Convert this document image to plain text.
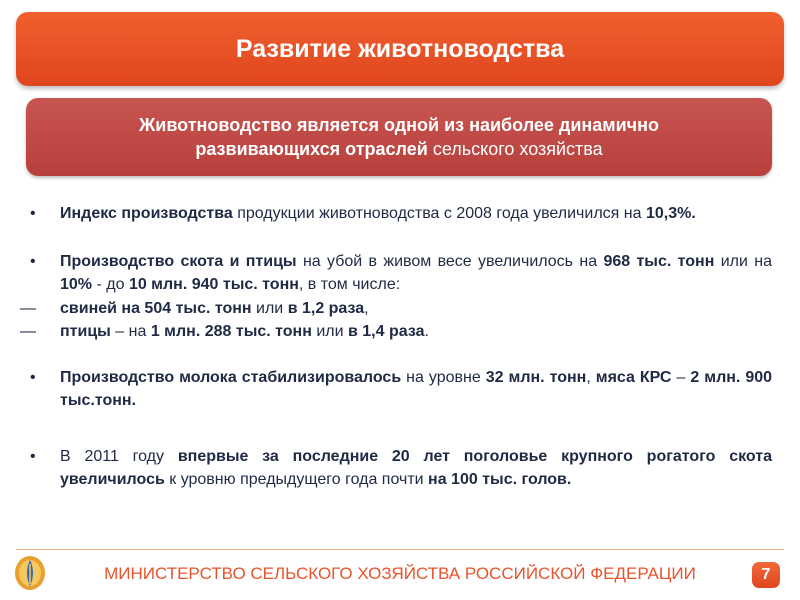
Развитие животноводства
Животноводство является одной из наиболее динамично развивающихся отраслей сельского хозяйства
•	Индекс производства продукции животноводства с 2008 года увеличился на 10,3%.
•	Производство скота и птицы на убой в живом весе увеличилось на 968 тыс. тонн или на 10% - до 10 млн. 940 тыс. тонн, в том числе:
— свиней на 504 тыс. тонн или в 1,2 раза,
— птицы – на 1 млн. 288 тыс. тонн или в 1,4 раза.
•	Производство молока стабилизировалось на уровне 32 млн. тонн, мяса КРС – 2 млн. 900 тыс.тонн.
•	В 2011 году впервые за последние 20 лет поголовье крупного рогатого скота увеличилось к уровню предыдущего года почти на 100 тыс. голов.
МИНИСТЕРСТВО СЕЛЬСКОГО ХОЗЯЙСТВА РОССИЙСКОЙ ФЕДЕРАЦИИ	7
